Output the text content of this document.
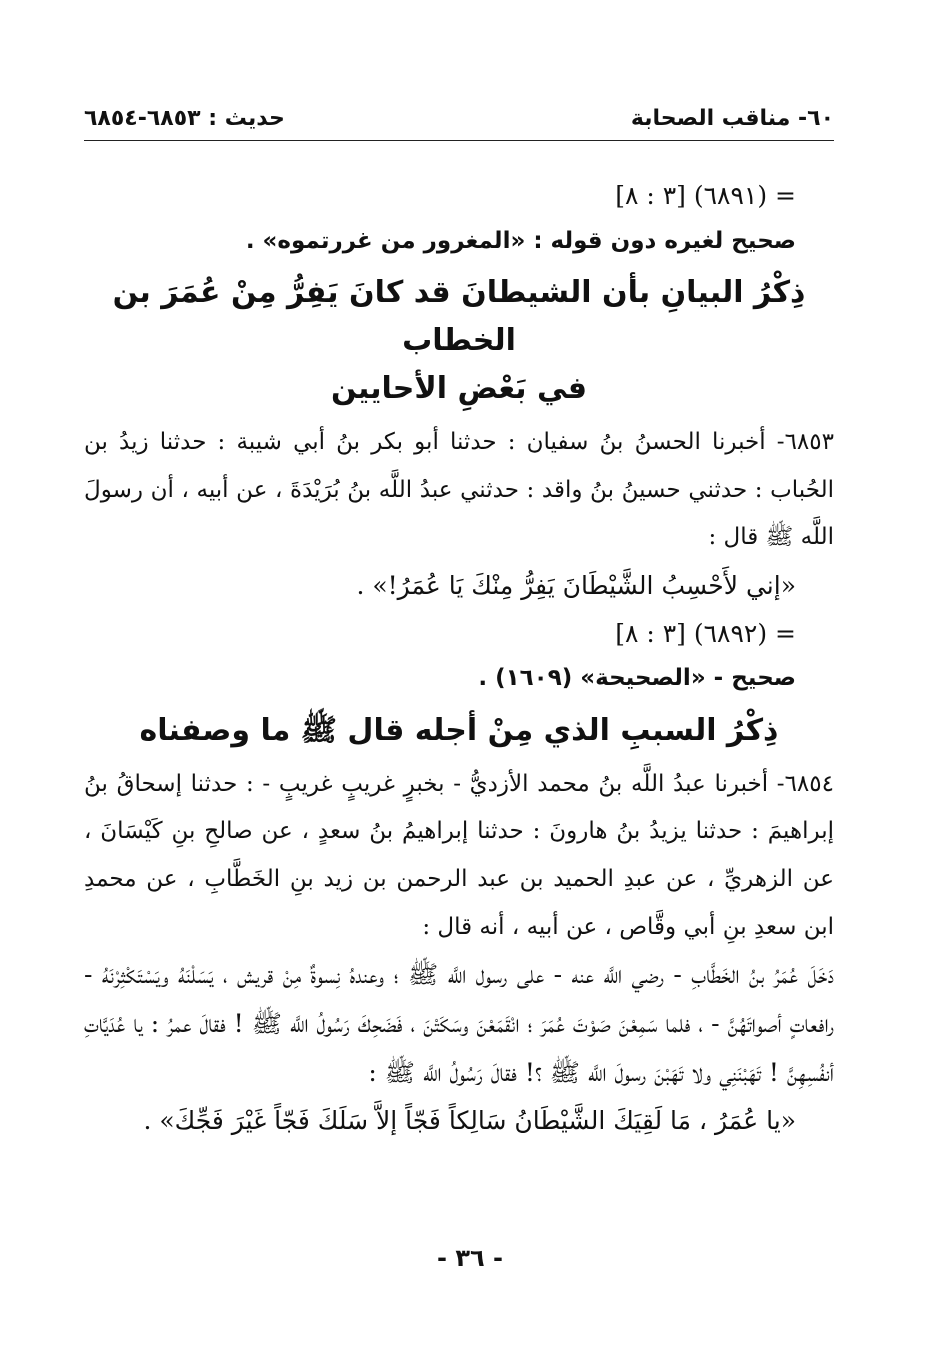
٦٠- مناقب الصحابة
حديث : ٦٨٥٣-٦٨٥٤
= (٦٨٩١) [٣ : ٨]
صحيح لغيره دون قوله : «المغرور من غررتموه» .
ذِكْرُ البيانِ بأن الشيطانَ قد كانَ يَفِرُّ مِنْ عُمَرَ بن الخطاب
في بَعْضِ الأحايين

٦٨٥٣- أخبرنا الحسنُ بنُ سفيان : حدثنا أبو بكر بنُ أبي شيبة : حدثنا زيدُ بن الحُباب : حدثني حسينُ بنُ واقد : حدثني عبدُ اللَّه بنُ بُرَيْدَةَ ، عن أبيه ، أن رسولَ اللَّه ﷺ قال :

«إني لأَحْسِبُ الشَّيْطَانَ يَفِرُّ مِنْكَ يَا عُمَرُ!» .
= (٦٨٩٢) [٣ : ٨]
صحيح - «الصحيحة» (١٦٠٩) .
ذِكْرُ السببِ الذي مِنْ أجله قال ﷺ ما وصفناه

٦٨٥٤- أخبرنا عبدُ اللَّه بنُ محمد الأزديُّ - بخبرٍ غريبٍ غريبٍ - : حدثنا إسحاقُ بنُ إبراهيمَ : حدثنا يزيدُ بنُ هارونَ : حدثنا إبراهيمُ بنُ سعدٍ ، عن صالحِ بنِ كَيْسَانَ ، عن الزهريِّ ، عن عبدِ الحميد بن عبد الرحمن بن زيد بنِ الخَطَّابِ ، عن محمدِ ابن سعدِ بنِ أبي وقَّاص ، عن أبيه ، أنه قال :

دَخَلَ عُمَرُ بنُ الخَطَّابِ - رضي اللَّه عنه - على رسول اللَّه ﷺ ؛ وعندهُ نِسوةٌ مِنْ قريش ، يَسَلْنَهُ ويَسْتَكْثِرْنَهُ - رافعاتٍ أصواتَهُنَّ - ، فلما سَمِعْنَ صَوْتَ عُمَرَ ؛ انْقَمَعْنَ وسَكَتْنَ ، فَضَحِكَ رَسُولُ اللَّه ﷺ ! فقالَ عمرُ : يا عُدَيَّاتِ أنفُسِهِنَّ ! تَهَبْنَنِي ولا تَهَبْنَ رسولَ اللَّه ﷺ ؟! فقالَ رَسُولُ اللَّه ﷺ :

«يا عُمَرُ ، مَا لَقِيَكَ الشَّيْطَانُ سَالِكاً فَجّاً إلاَّ سَلَكَ فَجّاً غَيْرَ فَجِّكَ» .
- ٣٦ -
